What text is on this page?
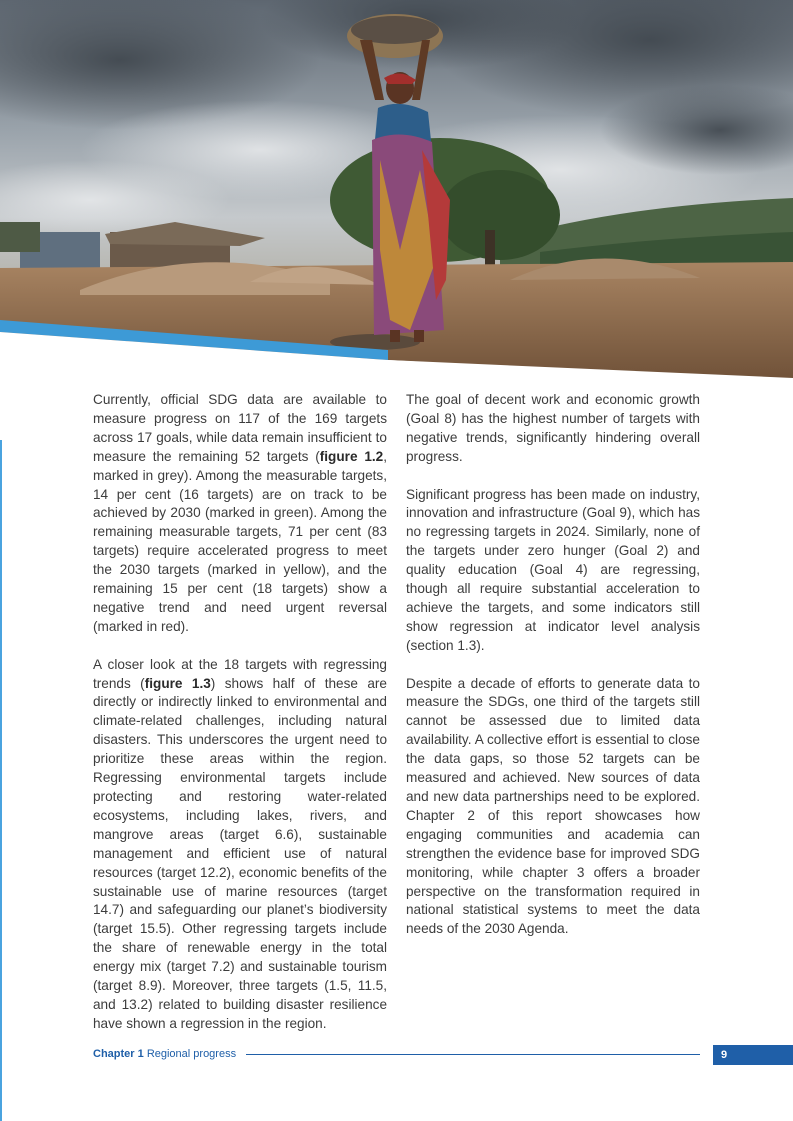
Currently, official SDG data are available to measure progress on 117 of the 169 targets across 17 goals, while data remain insufficient to measure the remaining 52 targets (figure 1.2, marked in grey). Among the measurable targets, 14 per cent (16 targets) are on track to be achieved by 2030 (marked in green). Among the remaining measurable targets, 71 per cent (83 targets) require accelerated progress to meet the 2030 targets (marked in yellow), and the remaining 15 per cent (18 targets) show a negative trend and need urgent reversal (marked in red).

A closer look at the 18 targets with regressing trends (figure 1.3) shows half of these are directly or indirectly linked to environmental and climate-related challenges, including natural disasters. This underscores the urgent need to prioritize these areas within the region. Regressing environmental targets include protecting and restoring water-related ecosystems, including lakes, rivers, and mangrove areas (target 6.6), sustainable management and efficient use of natural resources (target 12.2), economic benefits of the sustainable use of marine resources (target 14.7) and safeguarding our planet’s biodiversity (target 15.5). Other regressing targets include the share of renewable energy in the total energy mix (target 7.2) and sustainable tourism (target 8.9). Moreover, three targets (1.5, 11.5, and 13.2) related to building disaster resilience have shown a regression in the region.

The goal of decent work and economic growth (Goal 8) has the highest number of targets with negative trends, significantly hindering overall progress.

Significant progress has been made on industry, innovation and infrastructure (Goal 9), which has no regressing targets in 2024. Similarly, none of the targets under zero hunger (Goal 2) and quality education (Goal 4) are regressing, though all require substantial acceleration to achieve the targets, and some indicators still show regression at indicator level analysis (section 1.3).

Despite a decade of efforts to generate data to measure the SDGs, one third of the targets still cannot be assessed due to limited data availability. A collective effort is essential to close the data gaps, so those 52 targets can be measured and achieved. New sources of data and new data partnerships need to be explored. Chapter 2 of this report showcases how engaging communities and academia can strengthen the evidence base for improved SDG monitoring, while chapter 3 offers a broader perspective on the transformation required in national statistical systems to meet the data needs of the 2030 Agenda.

Chapter 1 Regional progress	9
